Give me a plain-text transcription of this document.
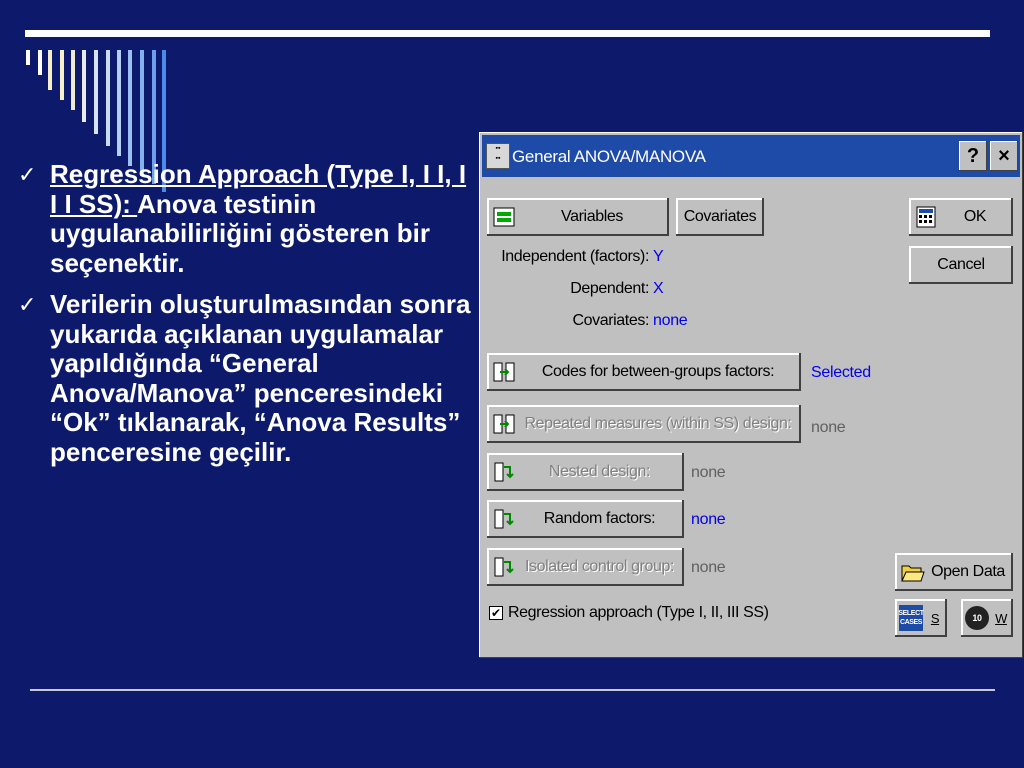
✓ Regression Approach (Type I, I I, I I I SS): Anova testinin uygulanabilirliğini gösteren bir seçenektir.
✓ Verilerin oluşturulmasından sonra yukarıda açıklanan uygulamalar yapıldığında “General Anova/Manova” penceresindeki “Ok” tıklanarak, “Anova Results” penceresine geçilir.
▪▪
▪▪ General ANOVA/MANOVA	? ×
Variables	Covariates	OK
Cancel
Independent (factors): Y
Dependent: X
Covariates: none
Codes for between-groups factors:	Selected
Repeated measures (within SS) design:	none
Nested design:	none
Random factors:	none
Isolated control group:	none	Open Data
✔ Regression approach (Type I, II, III SS)	SELECT CASES S	10	W
